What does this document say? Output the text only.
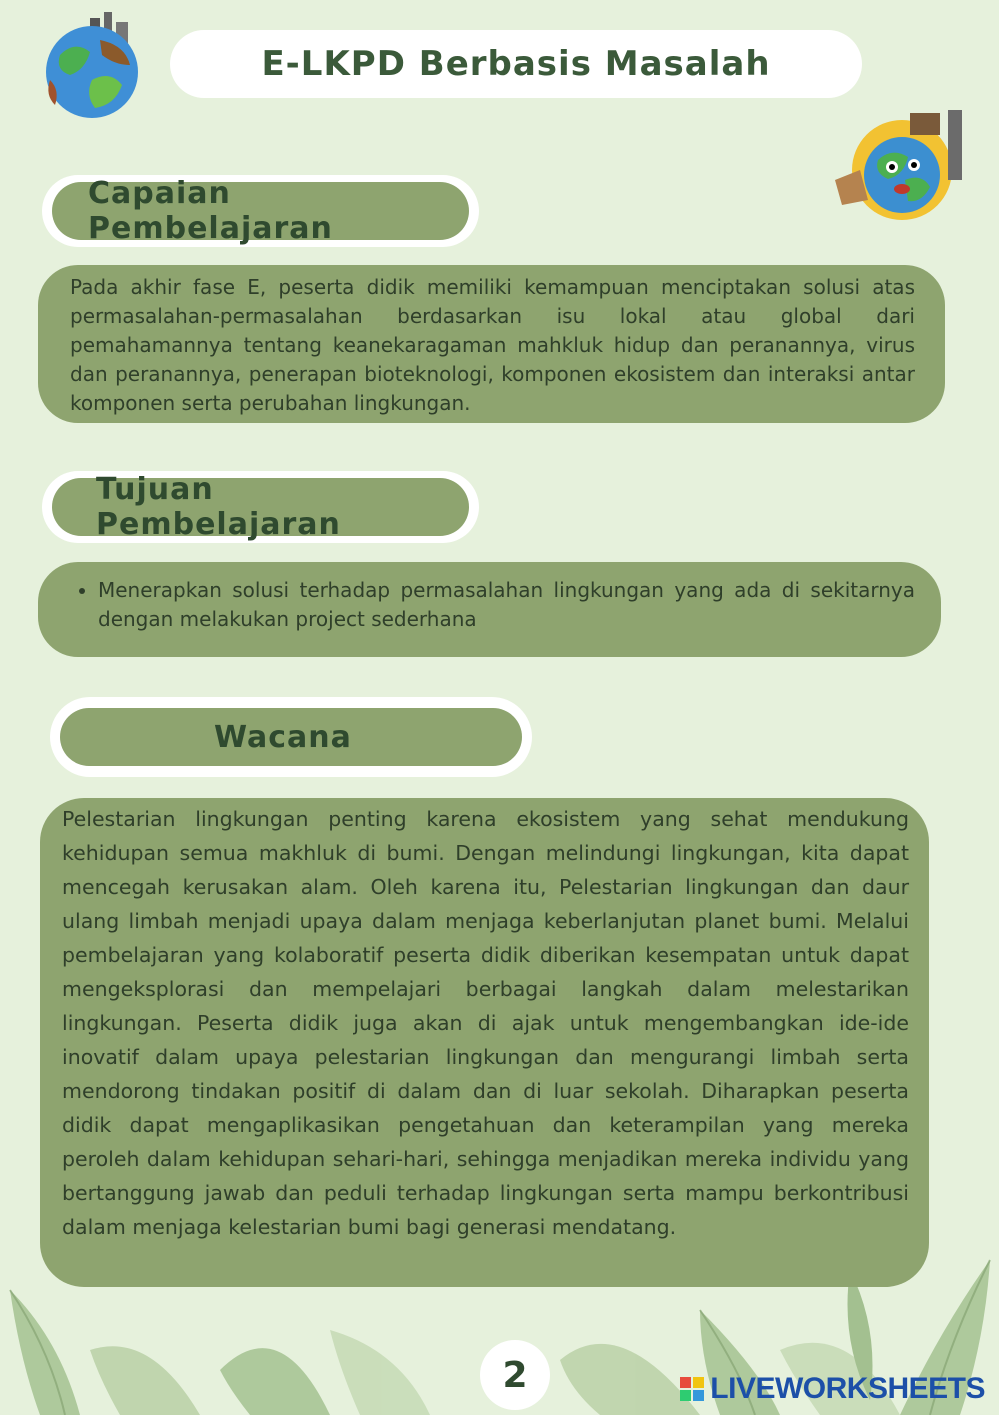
E-LKPD Berbasis Masalah
Capaian Pembelajaran

Pada akhir fase E, peserta didik memiliki kemampuan menciptakan solusi atas permasalahan-permasalahan berdasarkan isu lokal atau global dari pemahamannya tentang keanekaragaman mahkluk hidup dan peranannya, virus dan peranannya, penerapan bioteknologi, komponen ekosistem dan interaksi antar komponen serta perubahan lingkungan.

Tujuan Pembelajaran
• Menerapkan solusi terhadap permasalahan lingkungan yang ada di sekitarnya dengan melakukan project sederhana
Wacana

Pelestarian lingkungan penting karena ekosistem yang sehat mendukung kehidupan semua makhluk di bumi. Dengan melindungi lingkungan, kita dapat mencegah kerusakan alam. Oleh karena itu, Pelestarian lingkungan dan daur ulang limbah menjadi upaya dalam menjaga keberlanjutan planet bumi. Melalui pembelajaran yang kolaboratif peserta didik diberikan kesempatan untuk dapat mengeksplorasi dan mempelajari berbagai langkah dalam melestarikan lingkungan. Peserta didik juga akan di ajak untuk mengembangkan ide-ide inovatif dalam upaya pelestarian lingkungan dan mengurangi limbah serta mendorong tindakan positif di dalam dan di luar sekolah. Diharapkan peserta didik dapat mengaplikasikan pengetahuan dan keterampilan yang mereka peroleh dalam kehidupan sehari-hari, sehingga menjadikan mereka individu yang bertanggung jawab dan peduli terhadap lingkungan serta mampu berkontribusi dalam menjaga kelestarian bumi bagi generasi mendatang.

2	LIVEWORKSHEETS
